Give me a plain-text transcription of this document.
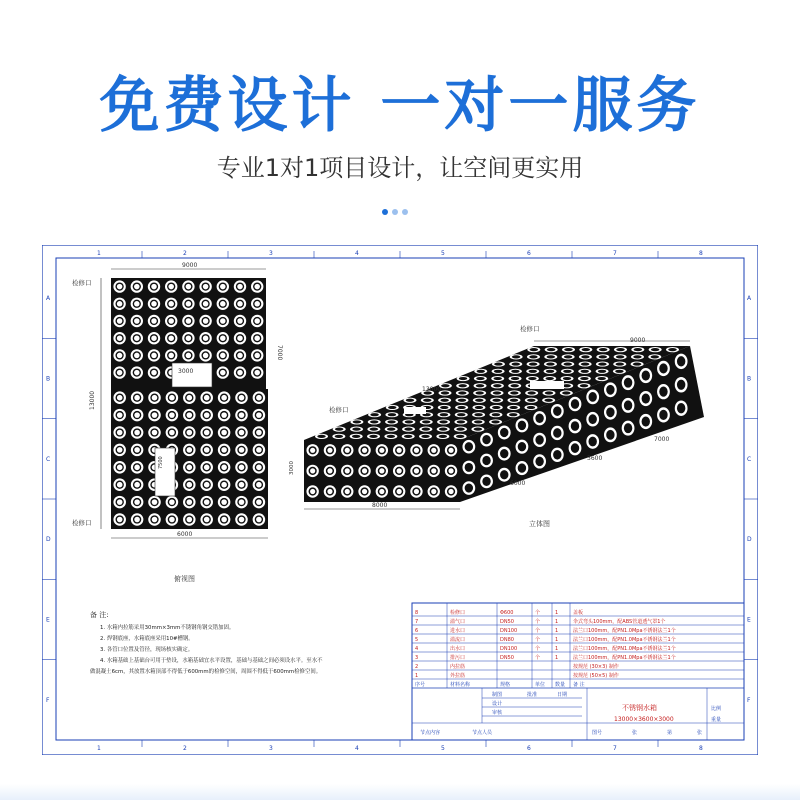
免费设计 一对一服务
专业1对1项目设计，让空间更实用
1
1
2
2
3
3
4
4
5
5
6
6
7
7
8
8
A	A
B	B
C	C
D	D
E	E
F	F
9000
13000
7000
3000
7500
6000
检修口
检修口
俯视图
检修口
检修口
9000
13000
7000
3600
6000
8000
3000
立体图
备 注:
1. 水箱内拉筋采用30mm×3mm不锈钢角钢交错加固。
2. 焊钢底座，水箱底座采用10#槽钢。
3. 各管口位置及管径，现场核实确定。
4. 水箱基础上基础台可用于垫设，水箱基础宜水平设置，基础与基础之间必须设水平。至水不
做混凝土6cm，其放置水箱顶部不得低于600mm的检修空间，周围不得低于600mm检修空间。
8	检修口	Φ600	个	1	盖板
7	溢气口	DN50	个	1	伞式弯头100mm，配ABS管道透气罩1个
6	进水口	DN100	个	1	法兰口100mm，配PN1.0Mpa不锈钢法兰1个
5	溢流口	DN80	个	1	法兰口100mm，配PN1.0Mpa不锈钢法兰1个
4	出水口	DN100	个	1	法兰口100mm，配PN1.0Mpa不锈钢法兰1个
3	排污口	DN50	个	1	法兰口100mm，配PN1.0Mpa不锈钢法兰1个
2	内拉筋	按规范 (30×3) 制作
1	外拉筋	按规范 (50×5) 制作
序号	材料名称	规格	单位 数量 备 注
制图
设计
审核
批准	日期
不锈钢水箱
13000×3600×3000
比例
重量
节点内容	节点人员	图号	张	第	张
